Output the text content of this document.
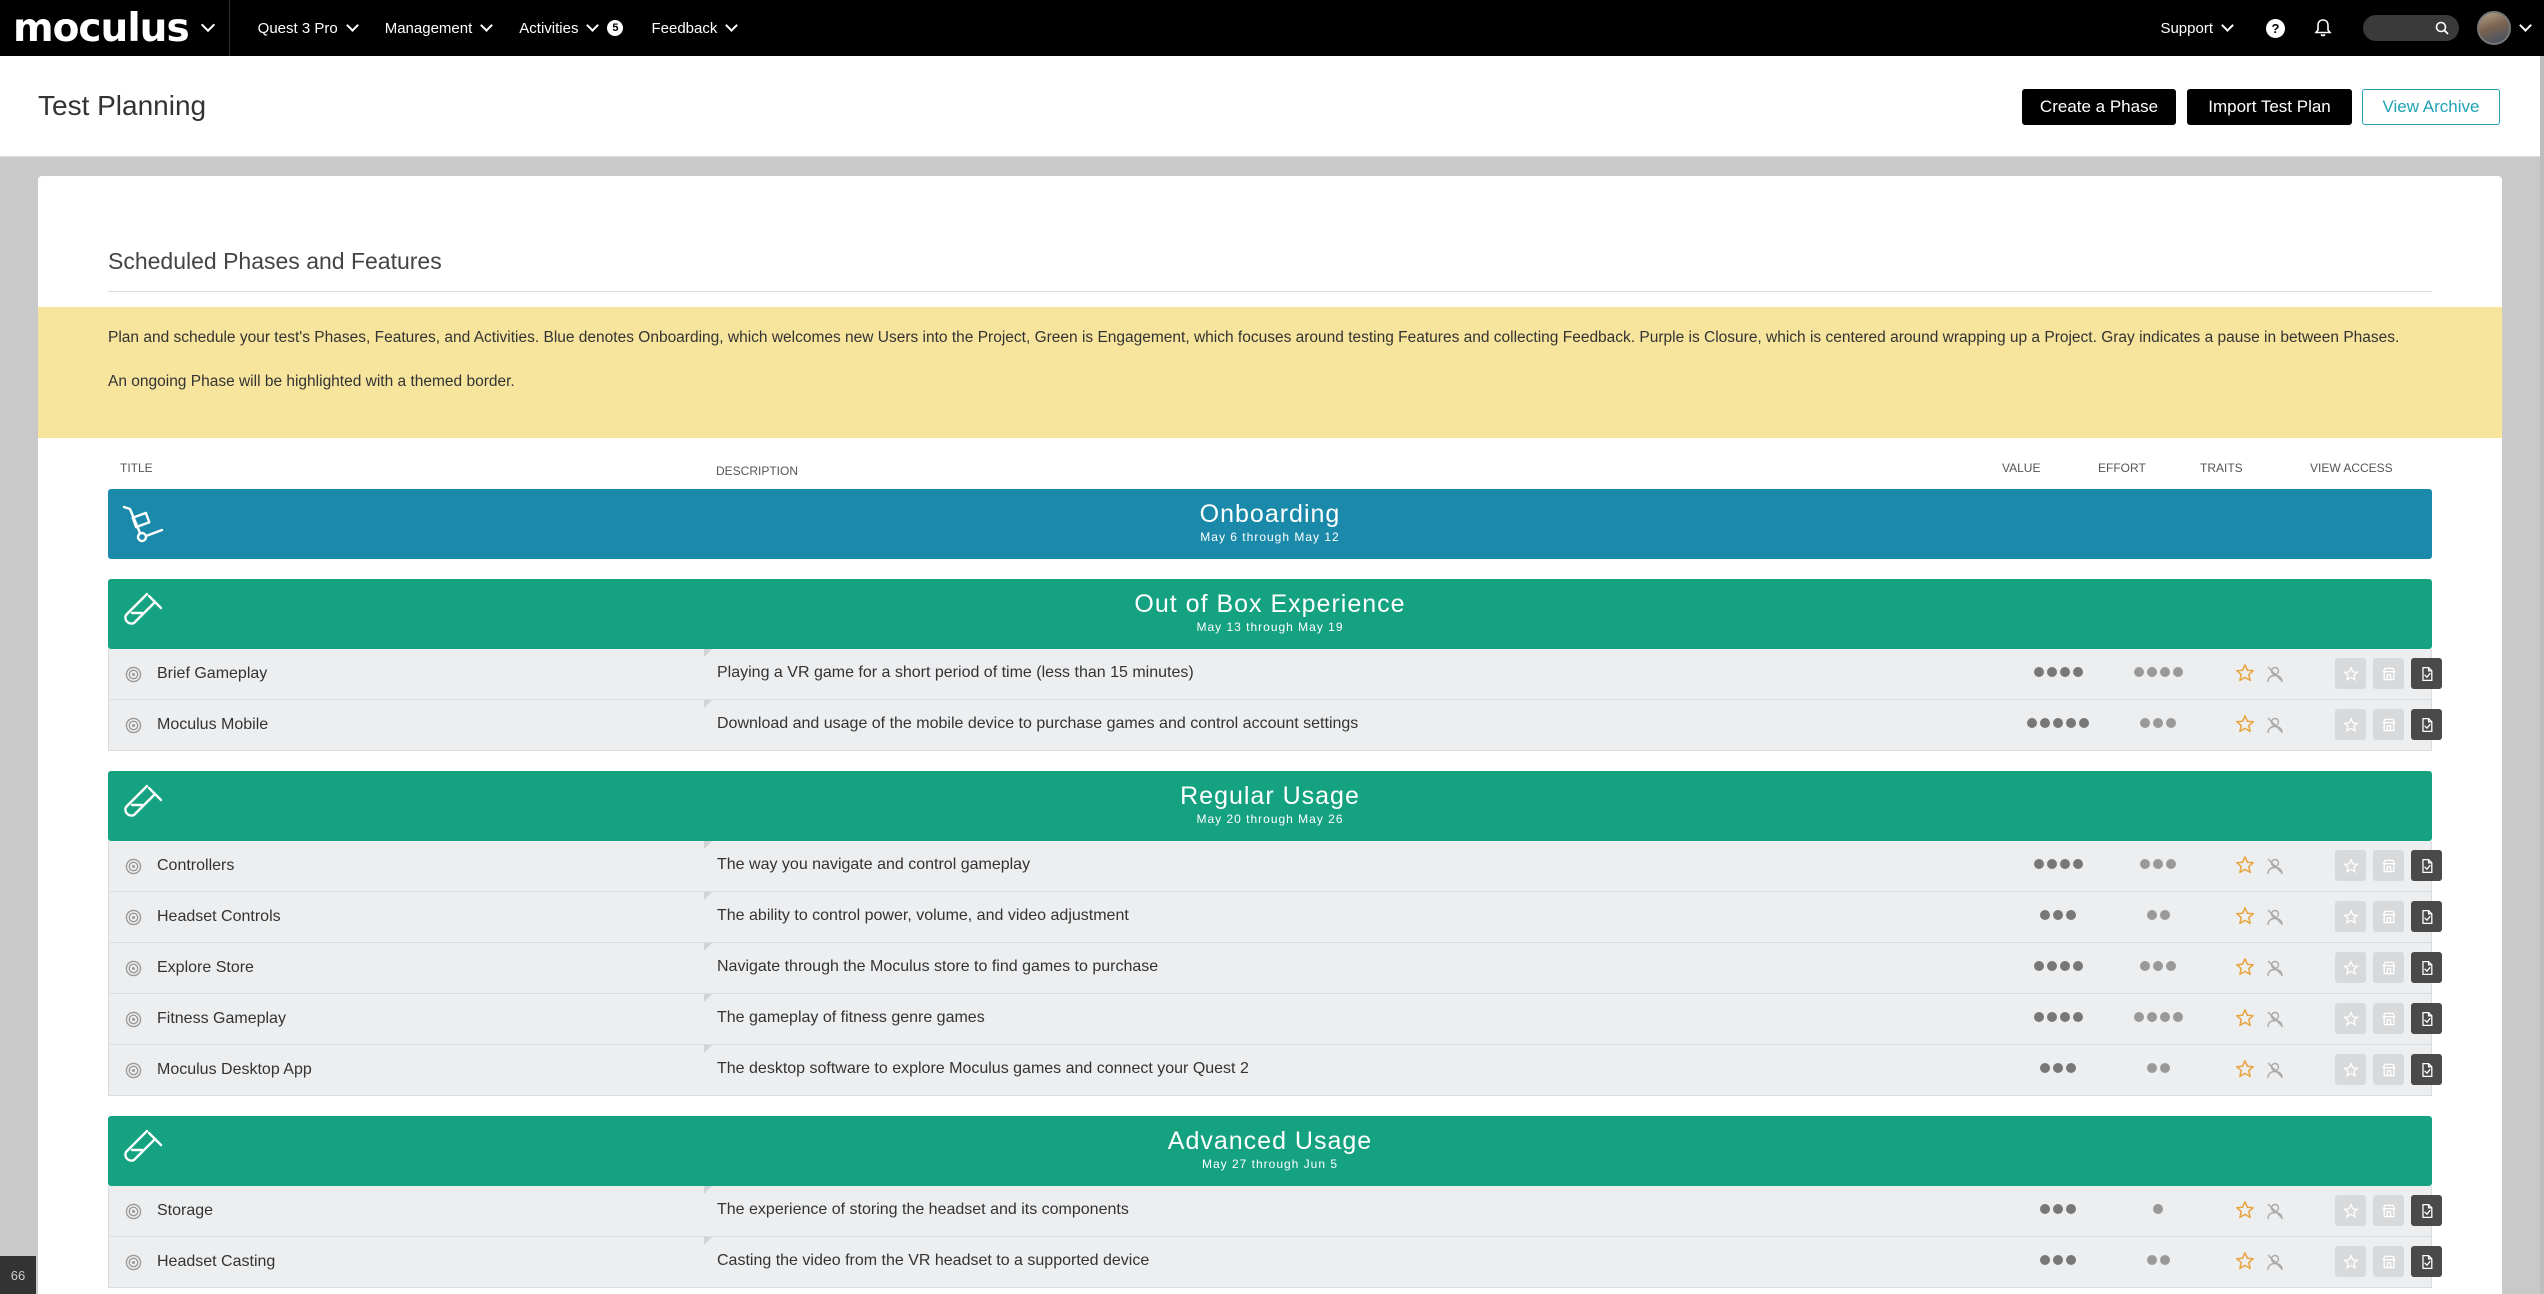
moculus	Quest 3 Pro	Management	Activities	5	Feedback	Support	?
Test Planning	Create a Phase	Import Test Plan	View Archive
Scheduled Phases and Features

Plan and schedule your test's Phases, Features, and Activities. Blue denotes Onboarding, which welcomes new Users into the Project, Green is Engagement, which focuses around testing Features and collecting Feedback. Purple is Closure, which is centered around wrapping up a Project. Gray indicates a pause in between Phases.

An ongoing Phase will be highlighted with a themed border.

TITLE	DESCRIPTION	VALUE	EFFORT	TRAITS	VIEW ACCESS
Onboarding
May 6 through May 12
Out of Box Experience
May 13 through May 19
Brief Gameplay	Playing a VR game for a short period of time (less than 15 minutes)
Moculus Mobile	Download and usage of the mobile device to purchase games and control account settings
Regular Usage
May 20 through May 26
Controllers	The way you navigate and control gameplay
Headset Controls	The ability to control power, volume, and video adjustment
Explore Store	Navigate through the Moculus store to find games to purchase
Fitness Gameplay	The gameplay of fitness genre games
Moculus Desktop App	The desktop software to explore Moculus games and connect your Quest 2
Advanced Usage
May 27 through Jun 5
Storage	The experience of storing the headset and its components
Headset Casting	Casting the video from the VR headset to a supported device
66
